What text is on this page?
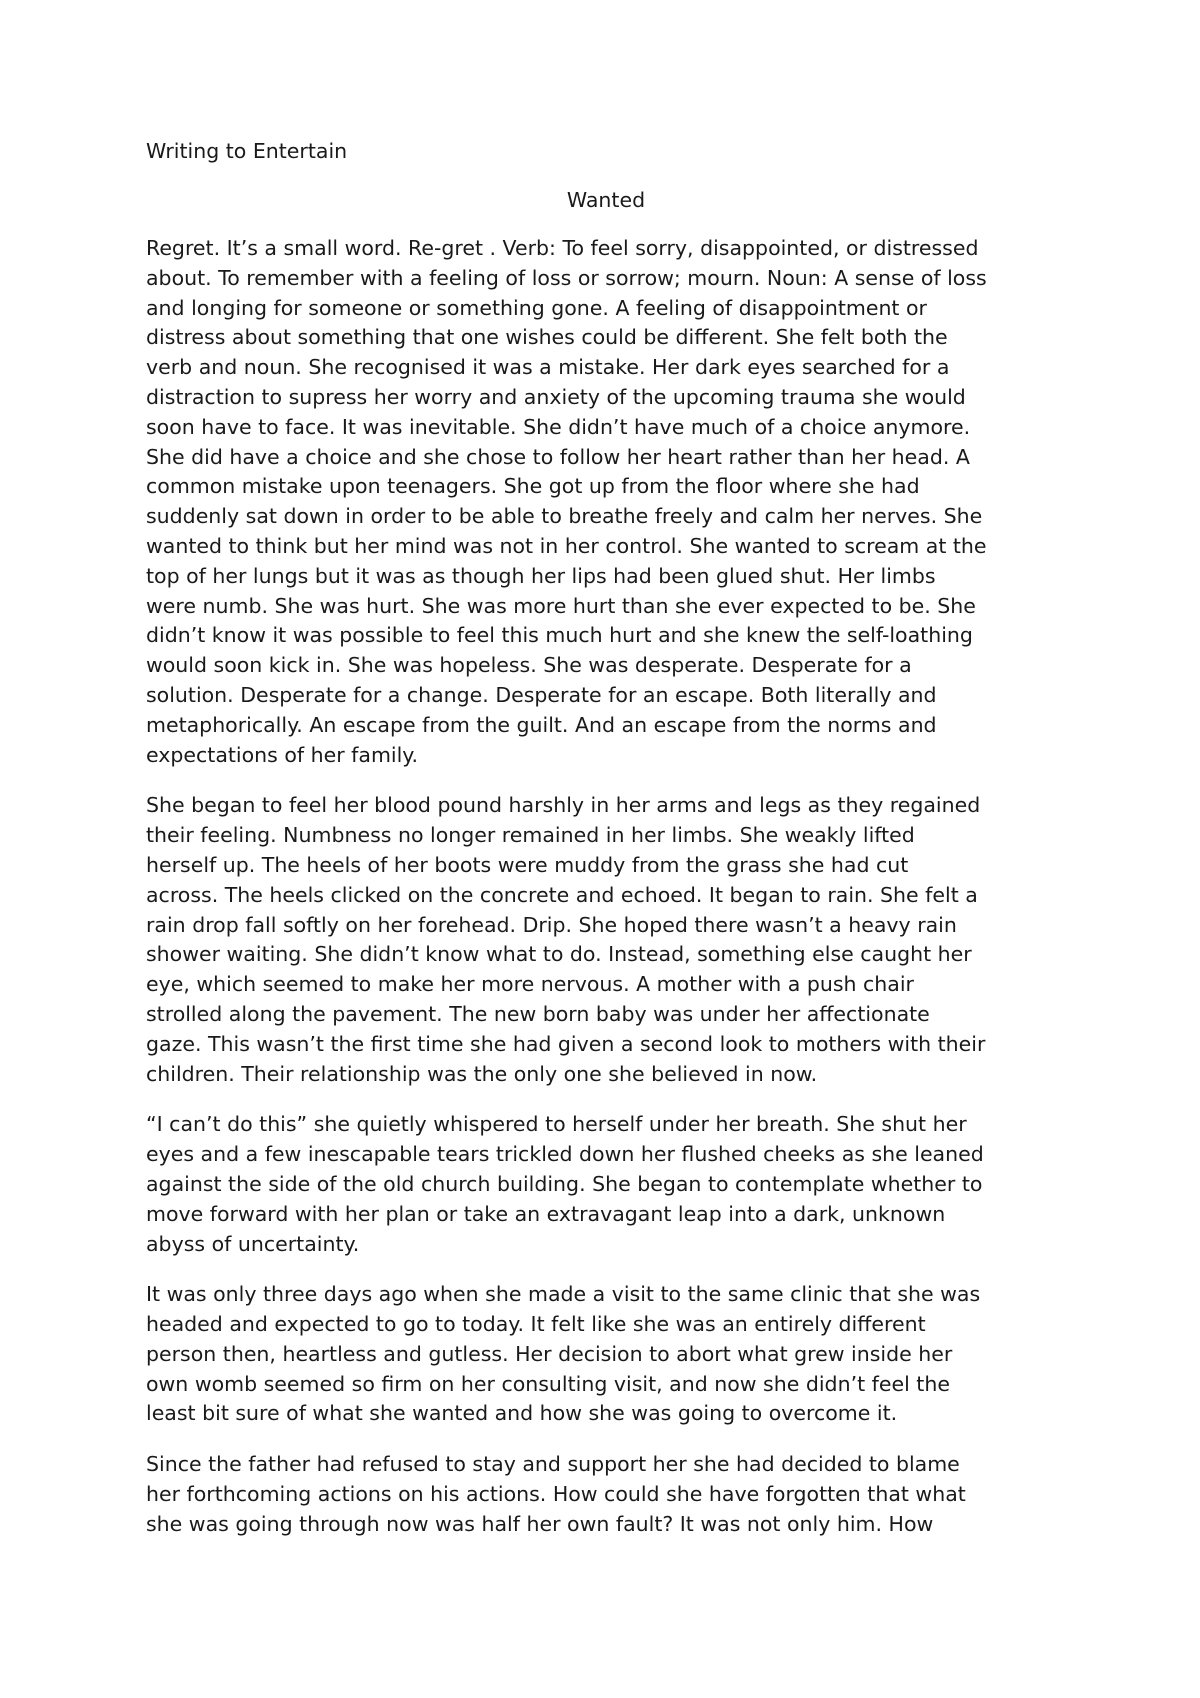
Writing to Entertain
Wanted
Regret. It’s a small word. Re-gret . Verb: To feel sorry, disappointed, or distressed
about. To remember with a feeling of loss or sorrow; mourn. Noun: A sense of loss
and longing for someone or something gone. A feeling of disappointment or
distress about something that one wishes could be different. She felt both the
verb and noun. She recognised it was a mistake. Her dark eyes searched for a
distraction to supress her worry and anxiety of the upcoming trauma she would
soon have to face. It was inevitable. She didn’t have much of a choice anymore.
She did have a choice and she chose to follow her heart rather than her head. A
common mistake upon teenagers. She got up from the floor where she had
suddenly sat down in order to be able to breathe freely and calm her nerves. She
wanted to think but her mind was not in her control. She wanted to scream at the
top of her lungs but it was as though her lips had been glued shut. Her limbs
were numb. She was hurt. She was more hurt than she ever expected to be. She
didn’t know it was possible to feel this much hurt and she knew the self-loathing
would soon kick in. She was hopeless. She was desperate. Desperate for a
solution. Desperate for a change. Desperate for an escape. Both literally and
metaphorically. An escape from the guilt. And an escape from the norms and
expectations of her family.
She began to feel her blood pound harshly in her arms and legs as they regained
their feeling. Numbness no longer remained in her limbs. She weakly lifted
herself up. The heels of her boots were muddy from the grass she had cut
across. The heels clicked on the concrete and echoed. It began to rain. She felt a
rain drop fall softly on her forehead. Drip. She hoped there wasn’t a heavy rain
shower waiting. She didn’t know what to do. Instead, something else caught her
eye, which seemed to make her more nervous. A mother with a push chair
strolled along the pavement. The new born baby was under her affectionate
gaze. This wasn’t the first time she had given a second look to mothers with their
children. Their relationship was the only one she believed in now.
“I can’t do this” she quietly whispered to herself under her breath. She shut her
eyes and a few inescapable tears trickled down her flushed cheeks as she leaned
against the side of the old church building. She began to contemplate whether to
move forward with her plan or take an extravagant leap into a dark, unknown
abyss of uncertainty.
It was only three days ago when she made a visit to the same clinic that she was
headed and expected to go to today. It felt like she was an entirely different
person then, heartless and gutless. Her decision to abort what grew inside her
own womb seemed so firm on her consulting visit, and now she didn’t feel the
least bit sure of what she wanted and how she was going to overcome it.
Since the father had refused to stay and support her she had decided to blame
her forthcoming actions on his actions. How could she have forgotten that what
she was going through now was half her own fault? It was not only him. How
